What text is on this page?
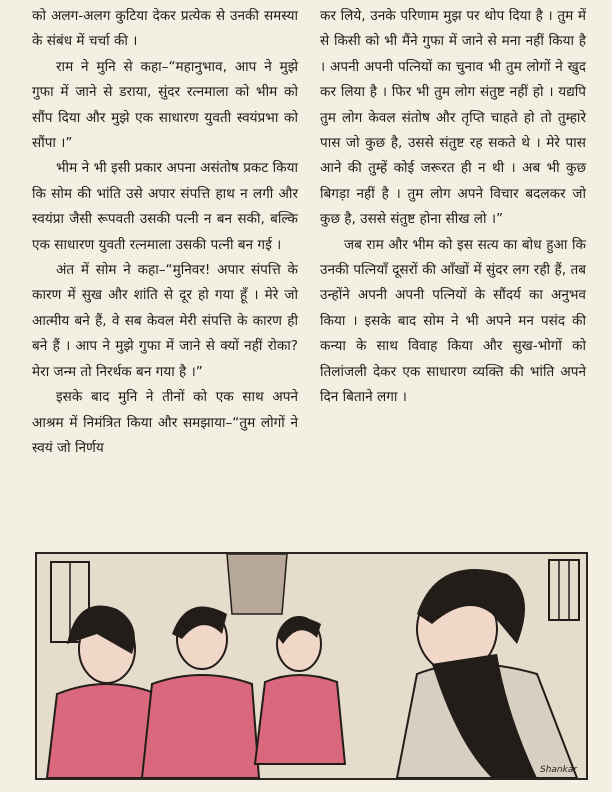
को अलग-अलग कुटिया देकर प्रत्येक से उनकी समस्या के संबंध में चर्चा की ।

राम ने मुनि से कहा–“महानुभाव, आप ने मुझे गुफा में जाने से डराया, सुंदर रत्नमाला को भीम को सौंप दिया और मुझे एक साधारण युवती स्वयंप्रभा को सौंपा ।”

भीम ने भी इसी प्रकार अपना असंतोष प्रकट किया कि सोम की भांति उसे अपार संपत्ति हाथ न लगी और स्वयंप्रा जैसी रूपवती उसकी पत्नी न बन सकी, बल्कि एक साधारण युवती रत्नमाला उसकी पत्नी बन गई ।

अंत में सोम ने कहा–“मुनिवर! अपार संपत्ति के कारण में सुख और शांति से दूर हो गया हूँ । मेरे जो आत्मीय बने हैं, वे सब केवल मेरी संपत्ति के कारण ही बने हैं । आप ने मुझे गुफा में जाने से क्यों नहीं रोका? मेरा जन्म तो निरर्थक बन गया है ।”

इसके बाद मुनि ने तीनों को एक साथ अपने आश्रम में निमंत्रित किया और समझाया–“तुम लोगों ने स्वयं जो निर्णय

कर लिये, उनके परिणाम मुझ पर थोप दिया है । तुम में से किसी को भी मैंने गुफा में जाने से मना नहीं किया है । अपनी अपनी पत्नियों का चुनाव भी तुम लोगों ने खुद कर लिया है । फिर भी तुम लोग संतुष्ट नहीं हो । यद्यपि तुम लोग केवल संतोष और तृप्ति चाहते हो तो तुम्हारे पास जो कुछ है, उससे संतुष्ट रह सकते थे । मेरे पास आने की तुम्हें कोई जरूरत ही न थी । अब भी कुछ बिगड़ा नहीं है । तुम लोग अपने विचार बदलकर जो कुछ है, उससे संतुष्ट होना सीख लो ।”

जब राम और भीम को इस सत्य का बोध हुआ कि उनकी पत्नियाँ दूसरों की आँखों में सुंदर लग रही हैं, तब उन्होंने अपनी अपनी पत्नियों के सौंदर्य का अनुभव किया । इसके बाद सोम ने भी अपने मन पसंद की कन्या के साथ विवाह किया और सुख-भोगों को तिलांजली देकर एक साधारण व्यक्ति की भांति अपने दिन बिताने लगा ।

Shankar
